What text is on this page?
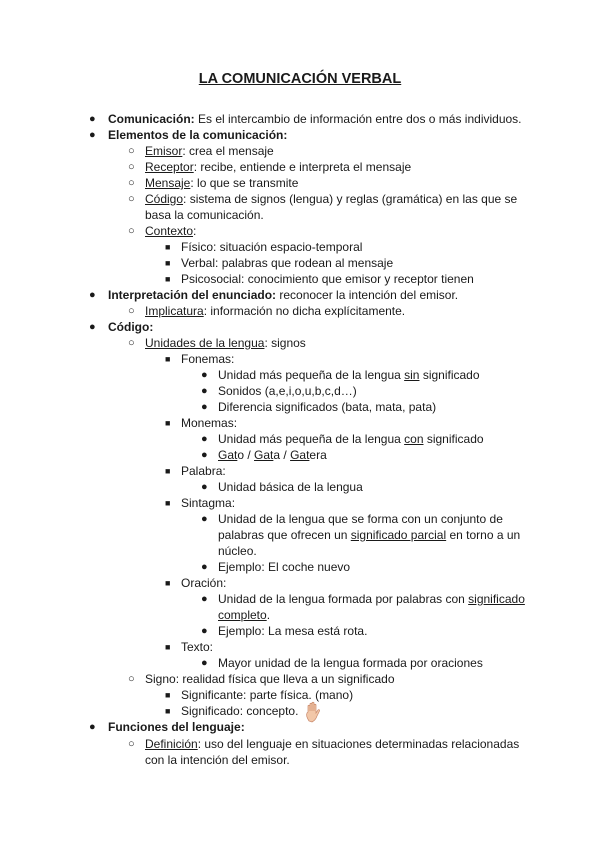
LA COMUNICACIÓN VERBAL
● Comunicación: Es el intercambio de información entre dos o más individuos.
● Elementos de la comunicación:
○ Emisor: crea el mensaje
○ Receptor: recibe, entiende e interpreta el mensaje
○ Mensaje: lo que se transmite
○ Código: sistema de signos (lengua) y reglas (gramática) en las que se
basa la comunicación.
○ Contexto:
■ Físico: situación espacio-temporal
■ Verbal: palabras que rodean al mensaje
■ Psicosocial: conocimiento que emisor y receptor tienen
● Interpretación del enunciado: reconocer la intención del emisor.
○ Implicatura: información no dicha explícitamente.
● Código:
○ Unidades de la lengua: signos
■ Fonemas:
● Unidad más pequeña de la lengua sin significado
● Sonidos (a,e,i,o,u,b,c,d…)
● Diferencia significados (bata, mata, pata)
■ Monemas:
● Unidad más pequeña de la lengua con significado
● Gato / Gata / Gatera
■ Palabra:
● Unidad básica de la lengua
■ Sintagma:
● Unidad de la lengua que se forma con un conjunto de
palabras que ofrecen un significado parcial en torno a un
núcleo.
● Ejemplo: El coche nuevo
■ Oración:
● Unidad de la lengua formada por palabras con significado
completo.
● Ejemplo: La mesa está rota.
■ Texto:
● Mayor unidad de la lengua formada por oraciones
○ Signo: realidad física que lleva a un significado
■ Significante: parte física. (mano)
■ Significado: concepto.
● Funciones del lenguaje:
○ Definición: uso del lenguaje en situaciones determinadas relacionadas
con la intención del emisor.
